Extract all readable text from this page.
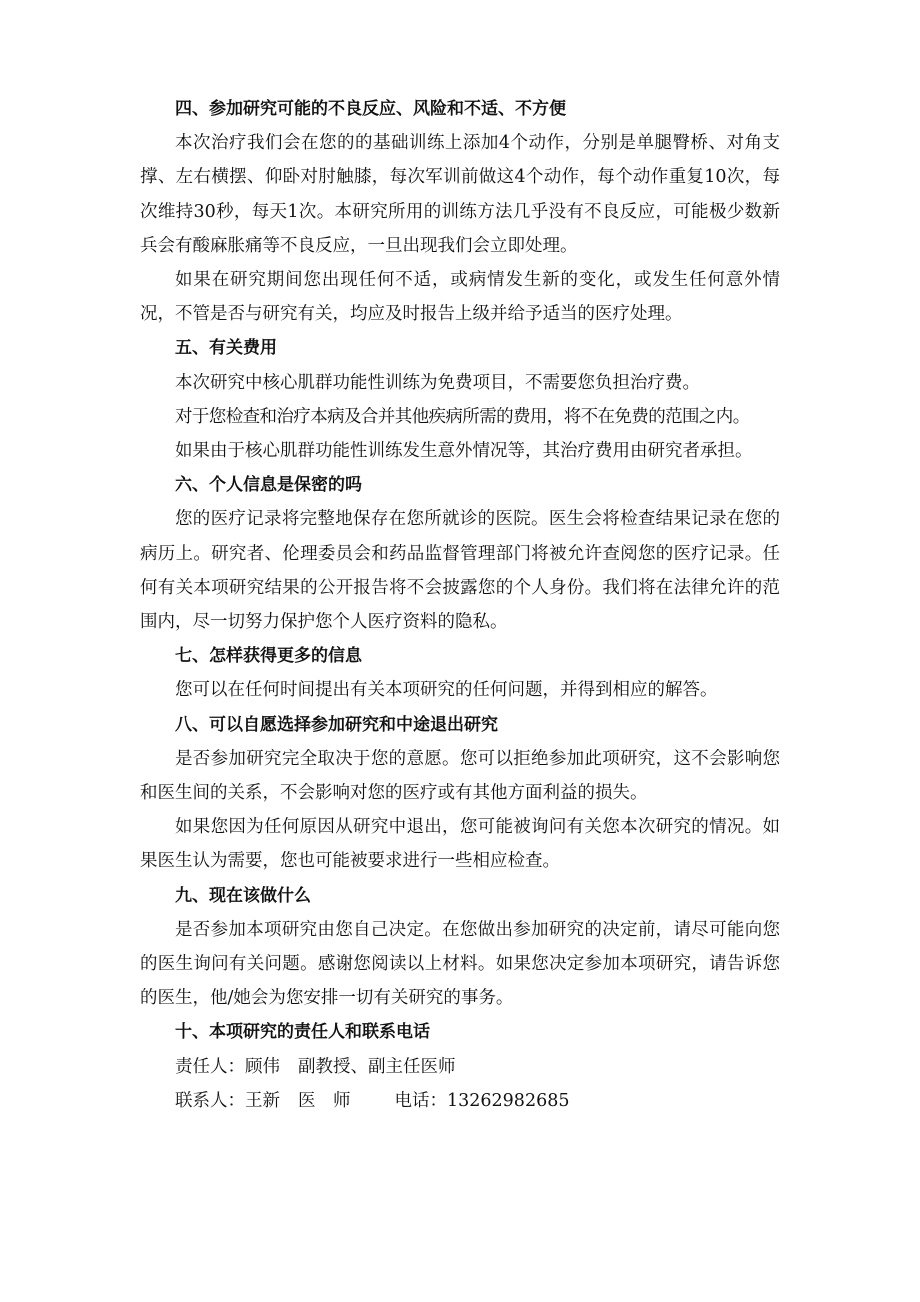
四、参加研究可能的不良反应、风险和不适、不方便

本次治疗我们会在您的的基础训练上添加4个动作，分别是单腿臀桥、对角支撑、左右横摆、仰卧对肘触膝，每次军训前做这4个动作，每个动作重复10次，每次维持30秒，每天1次。本研究所用的训练方法几乎没有不良反应，可能极少数新兵会有酸麻胀痛等不良反应，一旦出现我们会立即处理。

如果在研究期间您出现任何不适，或病情发生新的变化，或发生任何意外情况，不管是否与研究有关，均应及时报告上级并给予适当的医疗处理。

五、有关费用

本次研究中核心肌群功能性训练为免费项目，不需要您负担治疗费。

对于您检查和治疗本病及合并其他疾病所需的费用，将不在免费的范围之内。

如果由于核心肌群功能性训练发生意外情况等，其治疗费用由研究者承担。

六、个人信息是保密的吗

您的医疗记录将完整地保存在您所就诊的医院。医生会将检查结果记录在您的病历上。研究者、伦理委员会和药品监督管理部门将被允许查阅您的医疗记录。任何有关本项研究结果的公开报告将不会披露您的个人身份。我们将在法律允许的范围内，尽一切努力保护您个人医疗资料的隐私。

七、怎样获得更多的信息

您可以在任何时间提出有关本项研究的任何问题，并得到相应的解答。

八、可以自愿选择参加研究和中途退出研究

是否参加研究完全取决于您的意愿。您可以拒绝参加此项研究，这不会影响您和医生间的关系，不会影响对您的医疗或有其他方面利益的损失。

如果您因为任何原因从研究中退出，您可能被询问有关您本次研究的情况。如果医生认为需要，您也可能被要求进行一些相应检查。

九、现在该做什么

是否参加本项研究由您自己决定。在您做出参加研究的决定前，请尽可能向您的医生询问有关问题。感谢您阅读以上材料。如果您决定参加本项研究，请告诉您的医生，他/她会为您安排一切有关研究的事务。

十、本项研究的责任人和联系电话
责任人：顾伟 副教授、副主任医师
联系人：王新 医　师	电话：13262982685
